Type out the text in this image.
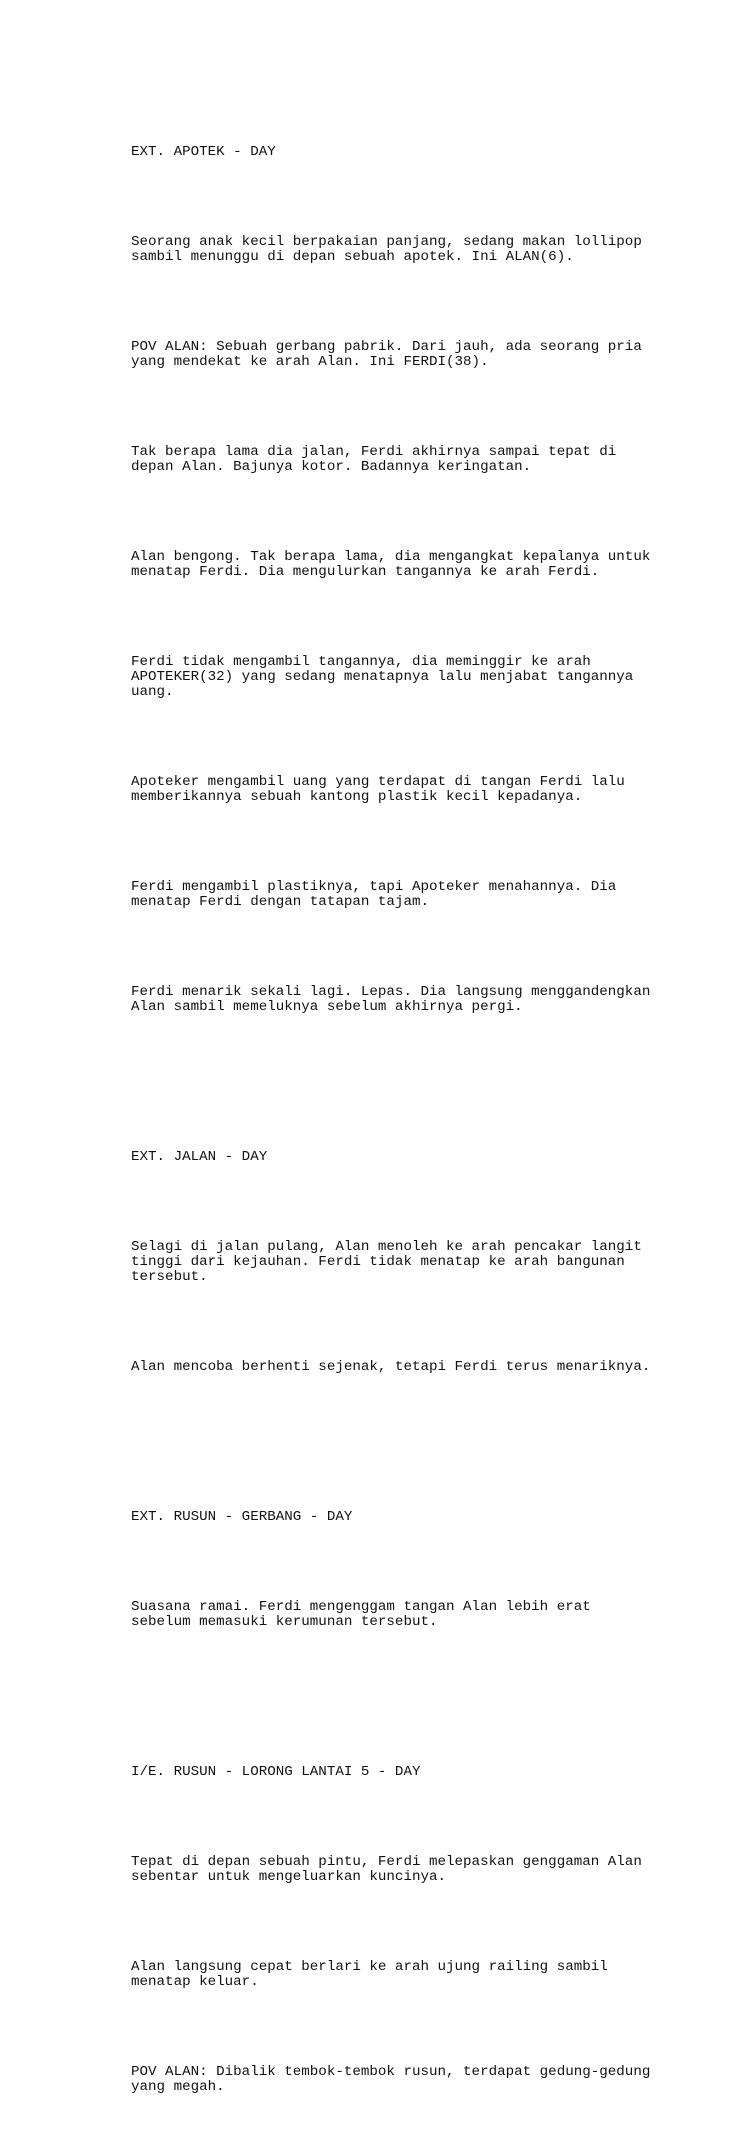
EXT. APOTEK - DAY

Seorang anak kecil berpakaian panjang, sedang makan lollipop
sambil menunggu di depan sebuah apotek. Ini ALAN(6).

POV ALAN: Sebuah gerbang pabrik. Dari jauh, ada seorang pria
yang mendekat ke arah Alan. Ini FERDI(38).

Tak berapa lama dia jalan, Ferdi akhirnya sampai tepat di
depan Alan. Bajunya kotor. Badannya keringatan.

Alan bengong. Tak berapa lama, dia mengangkat kepalanya untuk
menatap Ferdi. Dia mengulurkan tangannya ke arah Ferdi.

Ferdi tidak mengambil tangannya, dia meminggir ke arah
APOTEKER(32) yang sedang menatapnya lalu menjabat tangannya
uang.

Apoteker mengambil uang yang terdapat di tangan Ferdi lalu
memberikannya sebuah kantong plastik kecil kepadanya.

Ferdi mengambil plastiknya, tapi Apoteker menahannya. Dia
menatap Ferdi dengan tatapan tajam.

Ferdi menarik sekali lagi. Lepas. Dia langsung menggandengkan
Alan sambil memeluknya sebelum akhirnya pergi.

EXT. JALAN - DAY

Selagi di jalan pulang, Alan menoleh ke arah pencakar langit
tinggi dari kejauhan. Ferdi tidak menatap ke arah bangunan
tersebut.

Alan mencoba berhenti sejenak, tetapi Ferdi terus menariknya.

EXT. RUSUN - GERBANG - DAY

Suasana ramai. Ferdi mengenggam tangan Alan lebih erat
sebelum memasuki kerumunan tersebut.

I/E. RUSUN - LORONG LANTAI 5 - DAY

Tepat di depan sebuah pintu, Ferdi melepaskan genggaman Alan
sebentar untuk mengeluarkan kuncinya.

Alan langsung cepat berlari ke arah ujung railing sambil
menatap keluar.

POV ALAN: Dibalik tembok-tembok rusun, terdapat gedung-gedung
yang megah.
